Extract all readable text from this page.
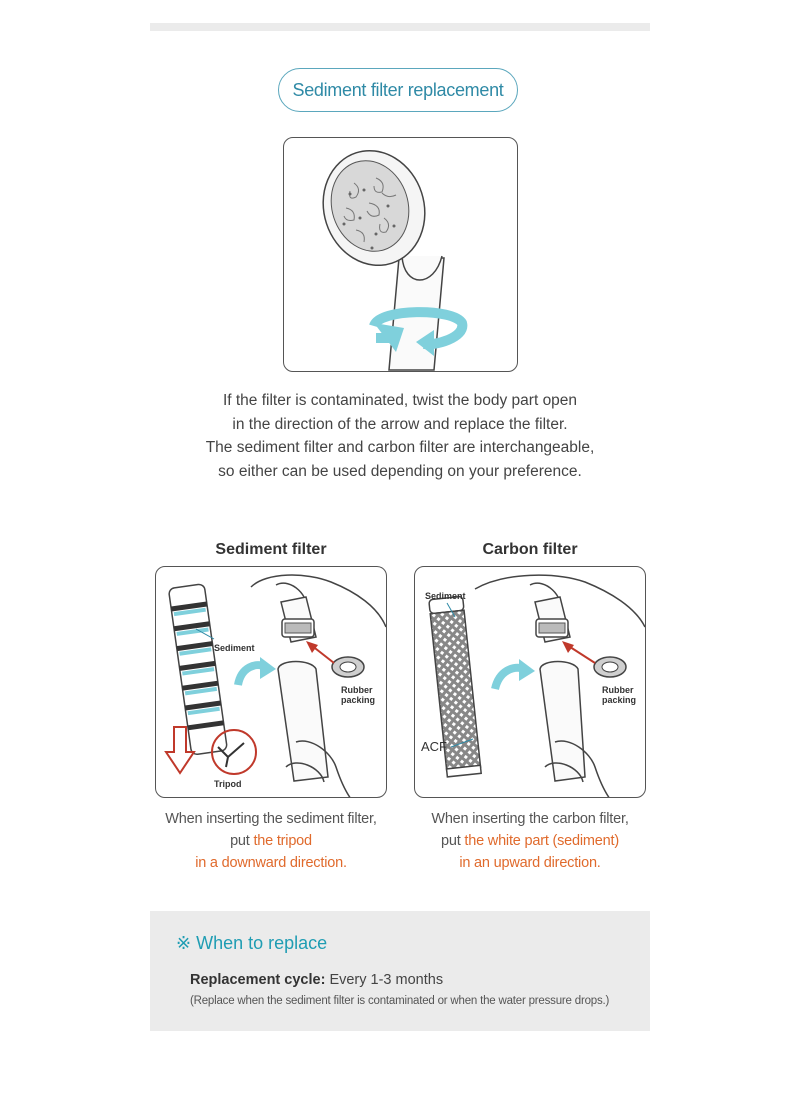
Sediment filter replacement
If the filter is contaminated, twist the body part open
in the direction of the arrow and replace the filter.
The sediment filter and carbon filter are interchangeable,
so either can be used depending on your preference.
Sediment filter
Rubber
packing
Sediment
Tripod
When inserting the sediment filter,
put the tripod
in a downward direction.
Carbon filter
Rubber
packing
Sediment
ACF
When inserting the carbon filter,
put the white part (sediment)
in an upward direction.
※ When to replace
Replacement cycle: Every 1-3 months
(Replace when the sediment filter is contaminated or when the water pressure drops.)
